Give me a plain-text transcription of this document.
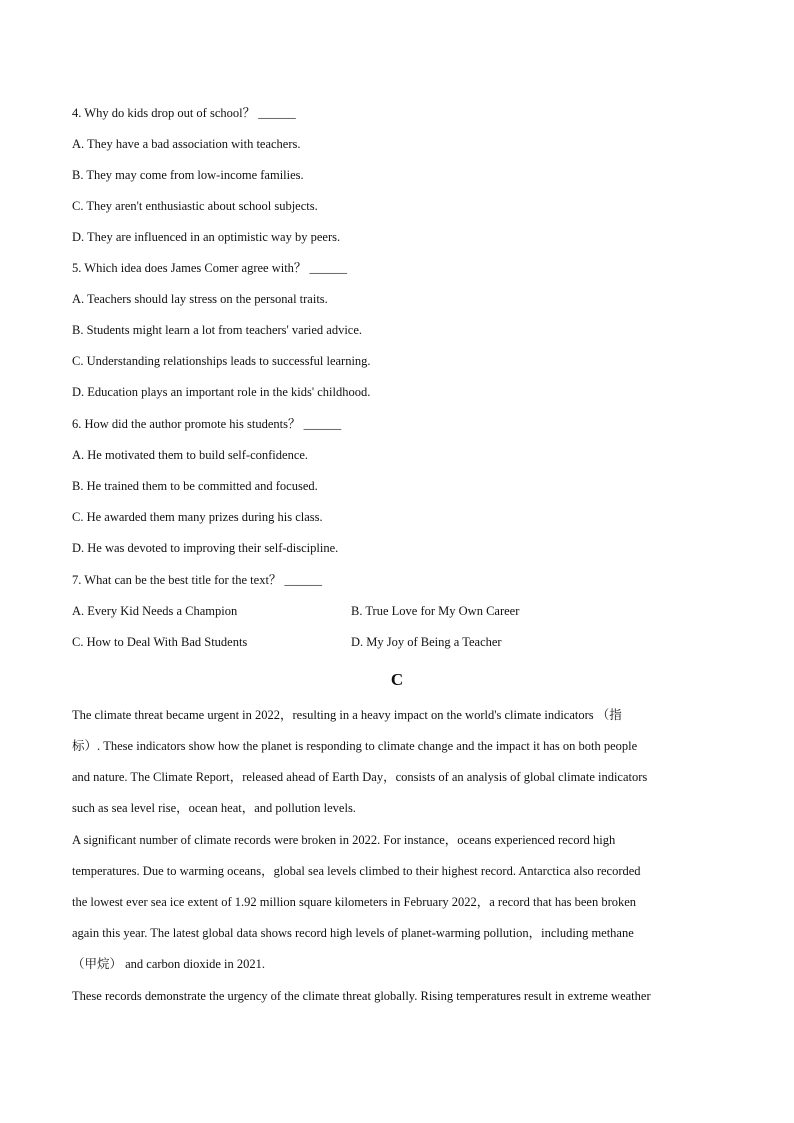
4. Why do kids drop out of school？ ______
A. They have a bad association with teachers.
B. They may come from low-income families.
C. They aren't enthusiastic about school subjects.
D. They are influenced in an optimistic way by peers.
5. Which idea does James Comer agree with？ ______
A. Teachers should lay stress on the personal traits.
B. Students might learn a lot from teachers' varied advice.
C. Understanding relationships leads to successful learning.
D. Education plays an important role in the kids' childhood.
6. How did the author promote his students？ ______
A. He motivated them to build self-confidence.
B. He trained them to be committed and focused.
C. He awarded them many prizes during his class.
D. He was devoted to improving their self-discipline.
7. What can be the best title for the text？ ______
A. Every Kid Needs a Champion	B. True Love for My Own Career
C. How to Deal With Bad Students	D. My Joy of Being a Teacher
C
The climate threat became urgent in 2022，resulting in a heavy impact on the world's climate indicators （指
标）. These indicators show how the planet is responding to climate change and the impact it has on both people
and nature. The Climate Report，released ahead of Earth Day，consists of an analysis of global climate indicators
such as sea level rise，ocean heat，and pollution levels.
A significant number of climate records were broken in 2022. For instance，oceans experienced record high
temperatures. Due to warming oceans，global sea levels climbed to their highest record. Antarctica also recorded
the lowest ever sea ice extent of 1.92 million square kilometers in February 2022，a record that has been broken
again this year. The latest global data shows record high levels of planet-warming pollution，including methane
（甲烷） and carbon dioxide in 2021.
These records demonstrate the urgency of the climate threat globally. Rising temperatures result in extreme weather
